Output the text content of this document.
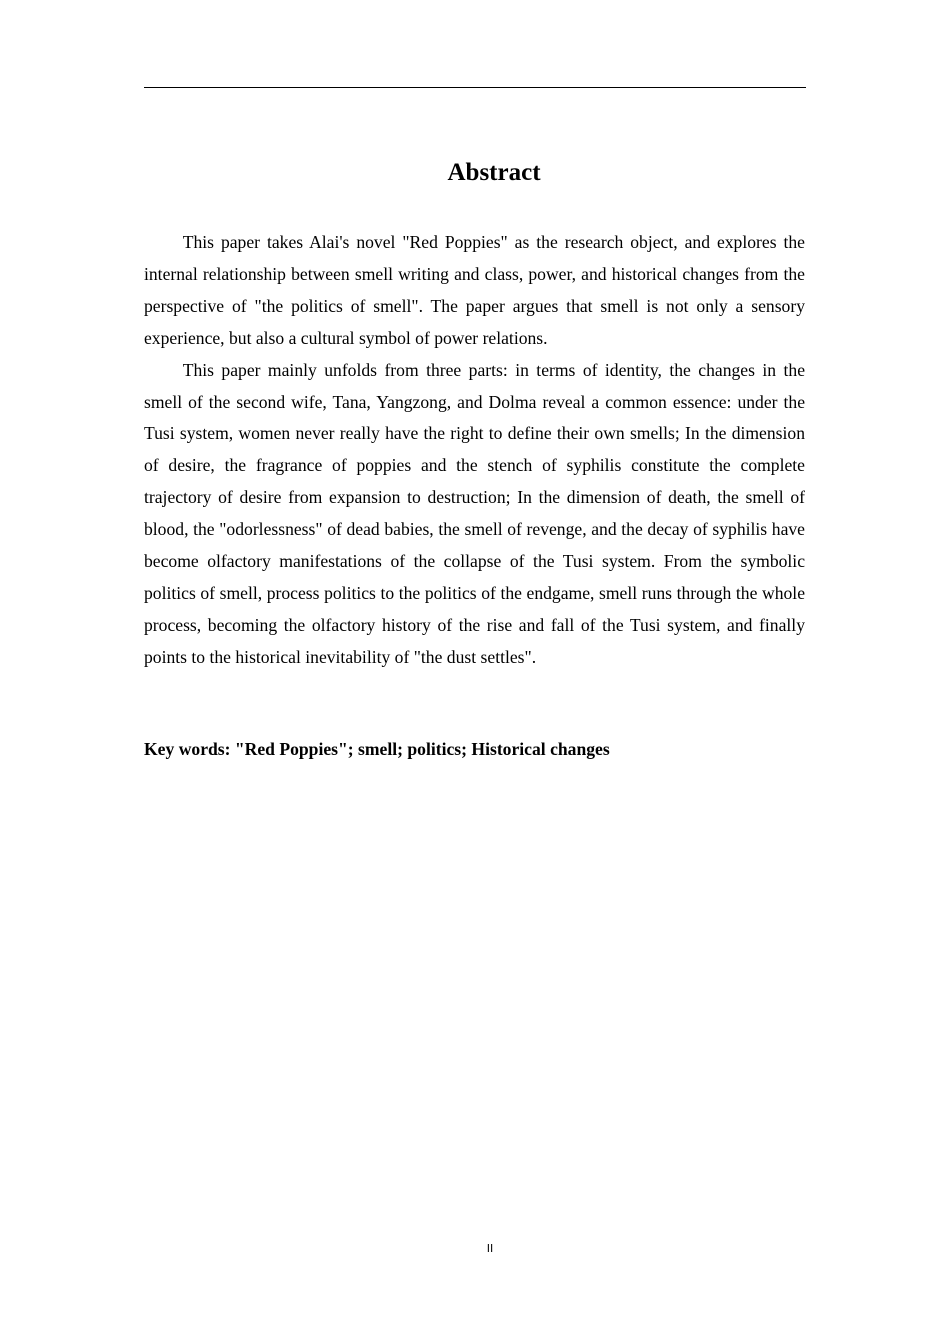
Abstract

This paper takes Alai's novel "Red Poppies" as the research object, and explores the internal relationship between smell writing and class, power, and historical changes from the perspective of "the politics of smell". The paper argues that smell is not only a sensory experience, but also a cultural symbol of power relations.

This paper mainly unfolds from three parts: in terms of identity, the changes in the smell of the second wife, Tana, Yangzong, and Dolma reveal a common essence: under the Tusi system, women never really have the right to define their own smells; In the dimension of desire, the fragrance of poppies and the stench of syphilis constitute the complete trajectory of desire from expansion to destruction; In the dimension of death, the smell of blood, the "odorlessness" of dead babies, the smell of revenge, and the decay of syphilis have become olfactory manifestations of the collapse of the Tusi system. From the symbolic politics of smell, process politics to the politics of the endgame, smell runs through the whole process, becoming the olfactory history of the rise and fall of the Tusi system, and finally points to the historical inevitability of "the dust settles".

Key words: "Red Poppies"; smell; politics; Historical changes

II
